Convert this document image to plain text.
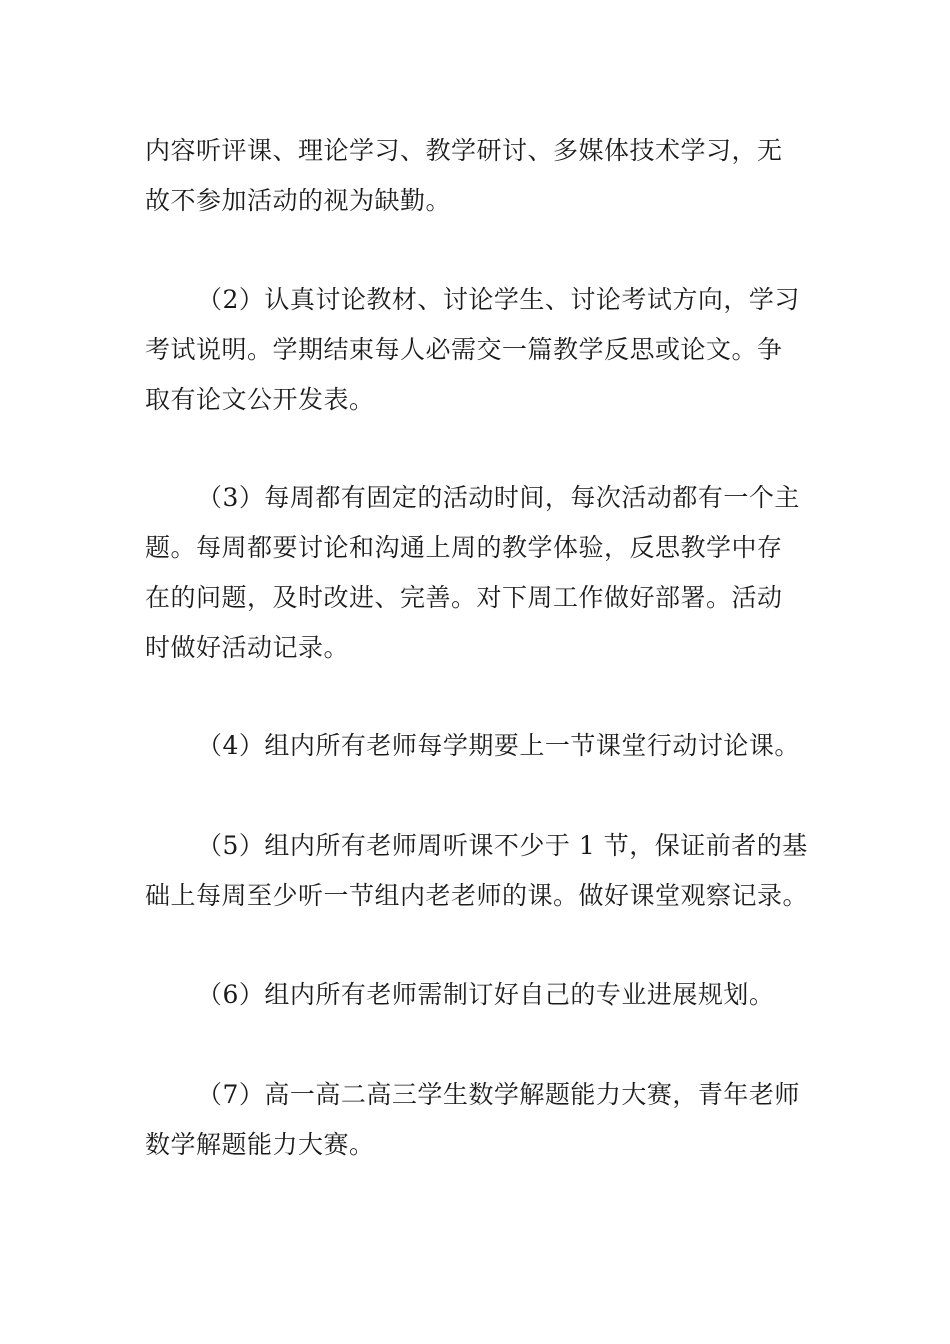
内容听评课、理论学习、教学研讨、多媒体技术学习，无
故不参加活动的视为缺勤。

（2）认真讨论教材、讨论学生、讨论考试方向，学习
考试说明。学期结束每人必需交一篇教学反思或论文。争
取有论文公开发表。

（3）每周都有固定的活动时间，每次活动都有一个主
题。每周都要讨论和沟通上周的教学体验，反思教学中存
在的问题，及时改进、完善。对下周工作做好部署。活动
时做好活动记录。

（4）组内所有老师每学期要上一节课堂行动讨论课。

（5）组内所有老师周听课不少于 1 节，保证前者的基
础上每周至少听一节组内老老师的课。做好课堂观察记录。

（6）组内所有老师需制订好自己的专业进展规划。

（7）高一高二高三学生数学解题能力大赛，青年老师
数学解题能力大赛。
